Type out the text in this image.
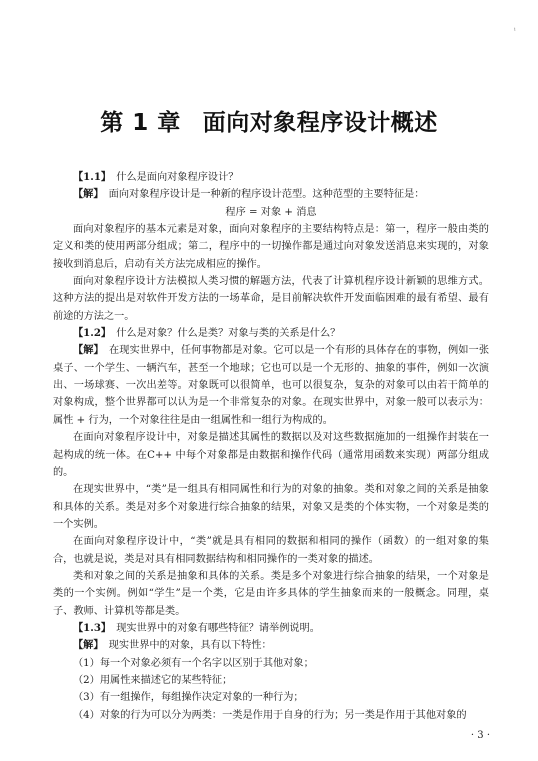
ⁱ
第 1 章 面向对象程序设计概述

【1.1】  什么是面向对象程序设计？

【解】  面向对象程序设计是一种新的程序设计范型。这种范型的主要特征是：

程序 = 对象 + 消息

面向对象程序的基本元素是对象，面向对象程序的主要结构特点是：第一，程序一般由类的定义和类的使用两部分组成；第二，程序中的一切操作都是通过向对象发送消息来实现的，对象接收到消息后，启动有关方法完成相应的操作。

面向对象程序设计方法模拟人类习惯的解题方法，代表了计算机程序设计新颖的思维方式。这种方法的提出是对软件开发方法的一场革命，是目前解决软件开发面临困难的最有希望、最有前途的方法之一。

【1.2】  什么是对象？什么是类？对象与类的关系是什么？

【解】  在现实世界中，任何事物都是对象。它可以是一个有形的具体存在的事物，例如一张桌子、一个学生、一辆汽车，甚至一个地球；它也可以是一个无形的、抽象的事件，例如一次演出、一场球赛、一次出差等。对象既可以很简单，也可以很复杂，复杂的对象可以由若干简单的对象构成，整个世界都可以认为是一个非常复杂的对象。在现实世界中，对象一般可以表示为：属性 + 行为，一个对象往往是由一组属性和一组行为构成的。

在面向对象程序设计中，对象是描述其属性的数据以及对这些数据施加的一组操作封装在一起构成的统一体。在C++ 中每个对象都是由数据和操作代码（通常用函数来实现）两部分组成的。

在现实世界中，“类”是一组具有相同属性和行为的对象的抽象。类和对象之间的关系是抽象和具体的关系。类是对多个对象进行综合抽象的结果，对象又是类的个体实物，一个对象是类的一个实例。

在面向对象程序设计中，“类”就是具有相同的数据和相同的操作（函数）的一组对象的集合，也就是说，类是对具有相同数据结构和相同操作的一类对象的描述。

类和对象之间的关系是抽象和具体的关系。类是多个对象进行综合抽象的结果，一个对象是类的一个实例。例如“学生”是一个类，它是由许多具体的学生抽象而来的一般概念。同理，桌子、教师、计算机等都是类。

【1.3】  现实世界中的对象有哪些特征？请举例说明。

【解】  现实世界中的对象，具有以下特性：

（1）每一个对象必须有一个名字以区别于其他对象；

（2）用属性来描述它的某些特征；

（3）有一组操作，每组操作决定对象的一种行为；

（4）对象的行为可以分为两类：一类是作用于自身的行为；另一类是作用于其他对象的

· 3 ·
